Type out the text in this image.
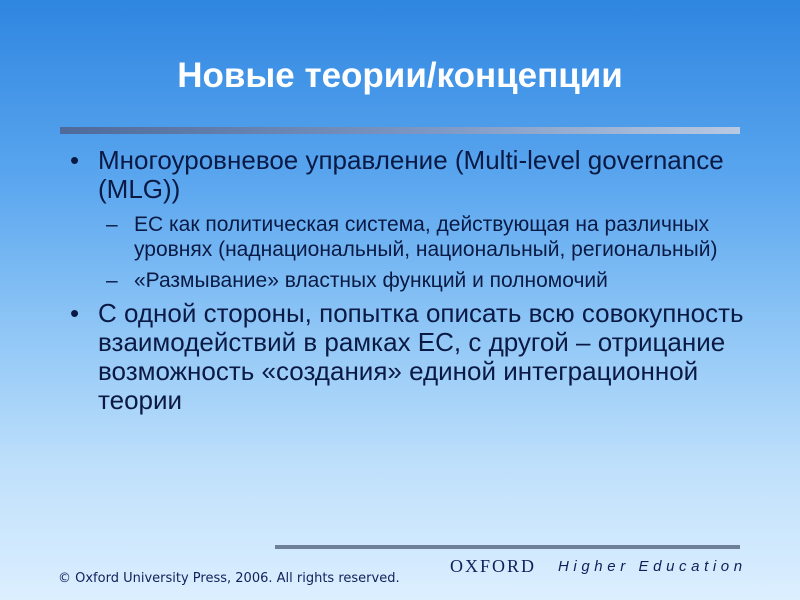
Новые теории/концепции
• Многоуровневое управление (Multi-level governance (MLG))
– ЕС как политическая система, действующая на различных уровнях (наднациональный, национальный, региональный)
– «Размывание» властных функций и полномочий
• С одной стороны, попытка описать всю совокупность взаимодействий в рамках ЕС, с другой – отрицание возможность «создания» единой интеграционной теории
OXFORD Higher Education
© Oxford University Press, 2006. All rights reserved.
